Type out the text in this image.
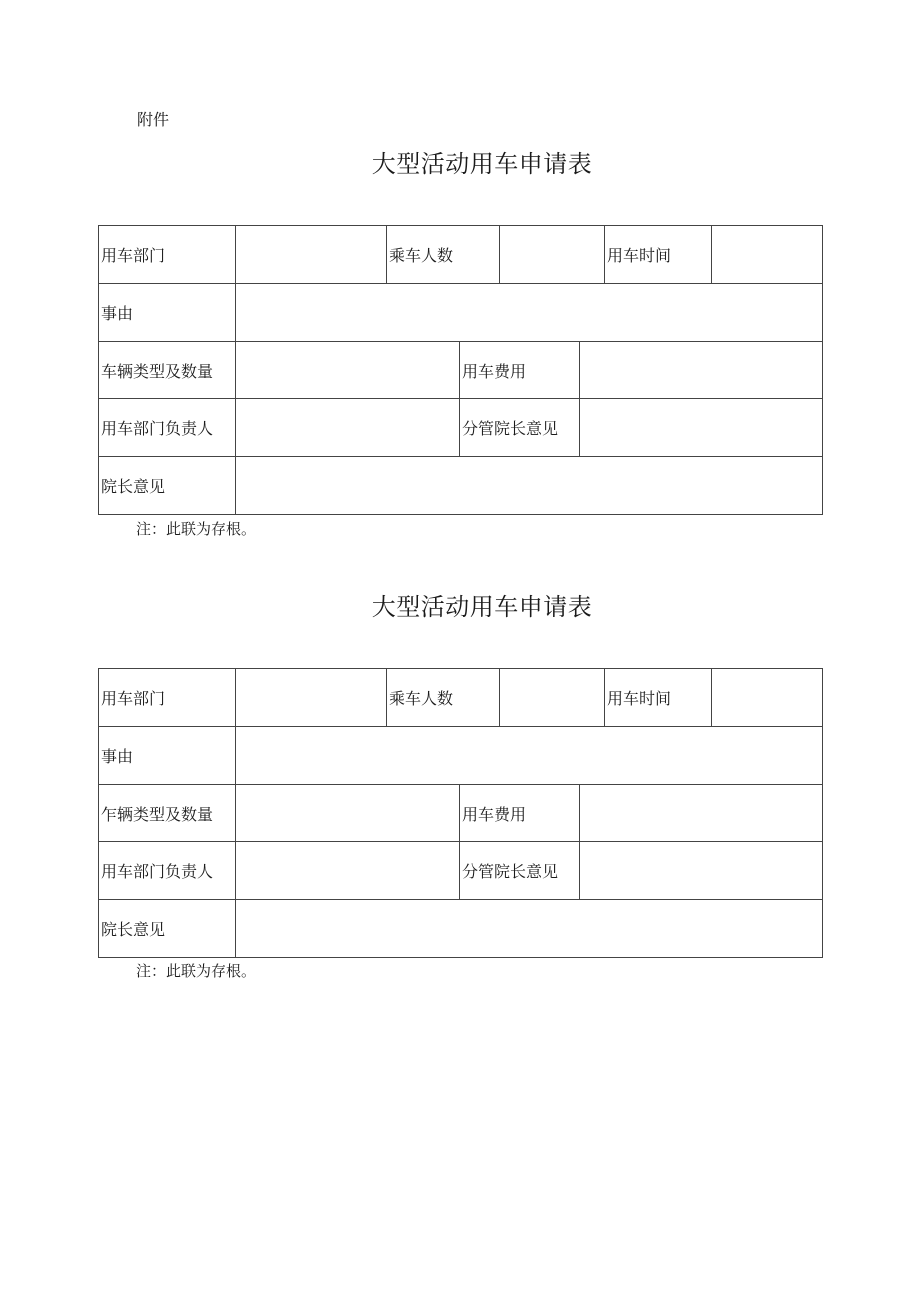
附件
大型活动用车申请表
用车部门		乘车人数				用车时间	
事由							
车辆类型及数量			用车费用				
用车部门负责人			分管院长意见				
院长意见							
注：此联为存根。
大型活动用车申请表
用车部门		乘车人数				用车时间	
事由							
乍辆类型及数量			用车费用				
用车部门负责人			分管院长意见				
院长意见							
注：此联为存根。
